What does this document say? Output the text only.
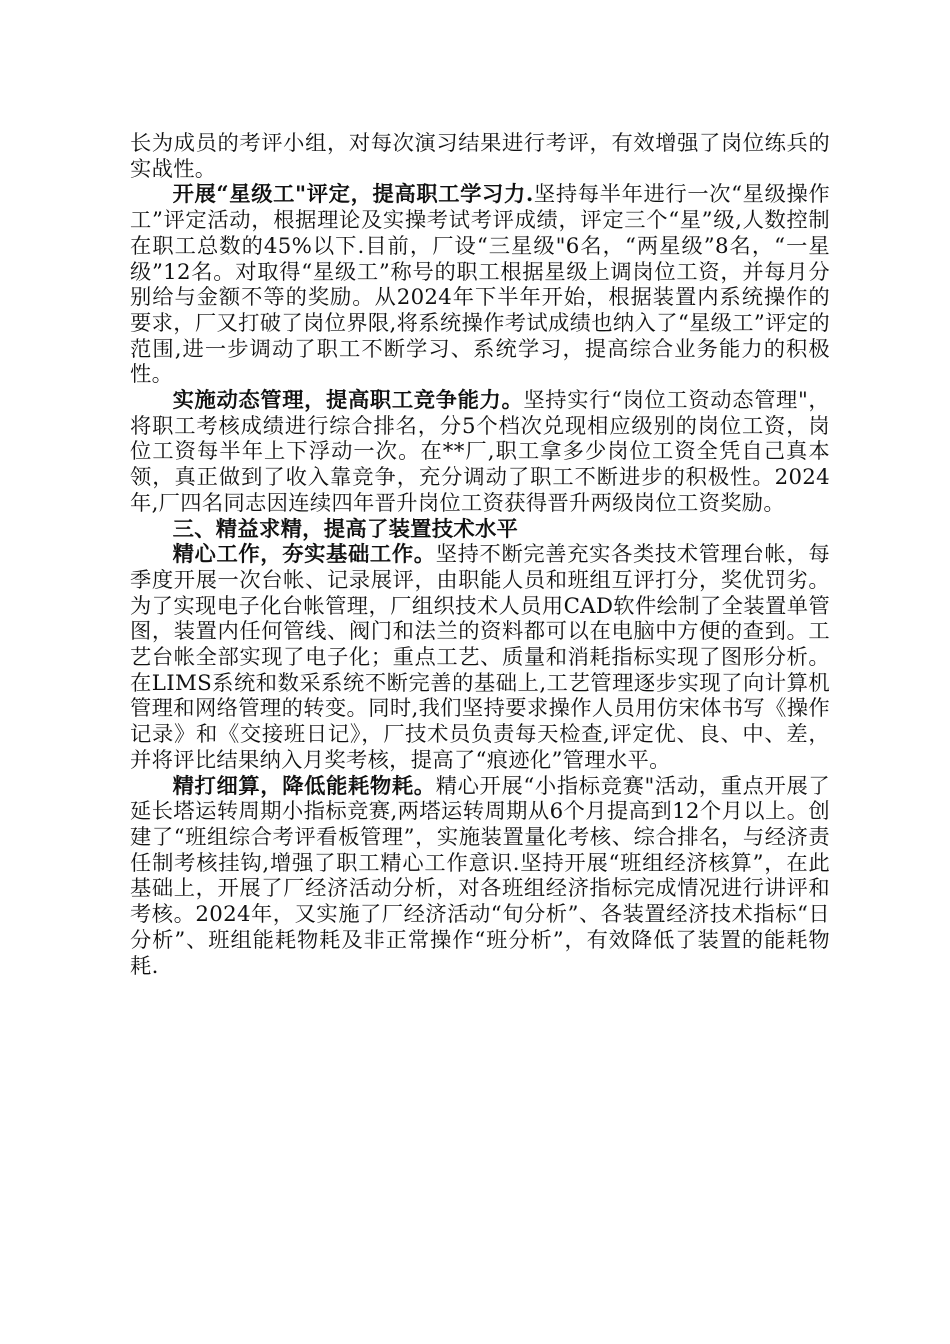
长为成员的考评小组，对每次演习结果进行考评，有效增强了岗位练兵的实战性。

开展“星级工"评定，提高职工学习力.坚持每半年进行一次“星级操作工”评定活动，根据理论及实操考试考评成绩，评定三个“星”级,人数控制在职工总数的45%以下.目前，厂设“三星级"6名，“两星级”8名，“一星级”12名。对取得“星级工”称号的职工根据星级上调岗位工资，并每月分别给与金额不等的奖励。从2024年下半年开始，根据装置内系统操作的要求，厂又打破了岗位界限,将系统操作考试成绩也纳入了“星级工”评定的范围,进一步调动了职工不断学习、系统学习，提高综合业务能力的积极性。

实施动态管理，提高职工竞争能力。坚持实行“岗位工资动态管理"，将职工考核成绩进行综合排名，分5个档次兑现相应级别的岗位工资，岗位工资每半年上下浮动一次。在**厂,职工拿多少岗位工资全凭自己真本领，真正做到了收入靠竞争，充分调动了职工不断进步的积极性。2024年,厂四名同志因连续四年晋升岗位工资获得晋升两级岗位工资奖励。

三、精益求精，提高了装置技术水平

精心工作，夯实基础工作。坚持不断完善充实各类技术管理台帐，每季度开展一次台帐、记录展评，由职能人员和班组互评打分，奖优罚劣。为了实现电子化台帐管理，厂组织技术人员用CAD软件绘制了全装置单管图，装置内任何管线、阀门和法兰的资料都可以在电脑中方便的查到。工艺台帐全部实现了电子化；重点工艺、质量和消耗指标实现了图形分析。在LIMS系统和数采系统不断完善的基础上,工艺管理逐步实现了向计算机管理和网络管理的转变。同时,我们坚持要求操作人员用仿宋体书写《操作记录》和《交接班日记》，厂技术员负责每天检查,评定优、良、中、差，并将评比结果纳入月奖考核，提高了“痕迹化”管理水平。

精打细算，降低能耗物耗。精心开展“小指标竞赛"活动，重点开展了延长塔运转周期小指标竞赛,两塔运转周期从6个月提高到12个月以上。创建了“班组综合考评看板管理”，实施装置量化考核、综合排名，与经济责任制考核挂钩,增强了职工精心工作意识.坚持开展“班组经济核算”，在此基础上，开展了厂经济活动分析，对各班组经济指标完成情况进行讲评和考核。2024年，又实施了厂经济活动“旬分析”、各装置经济技术指标“日分析”、班组能耗物耗及非正常操作“班分析”，有效降低了装置的能耗物耗.
